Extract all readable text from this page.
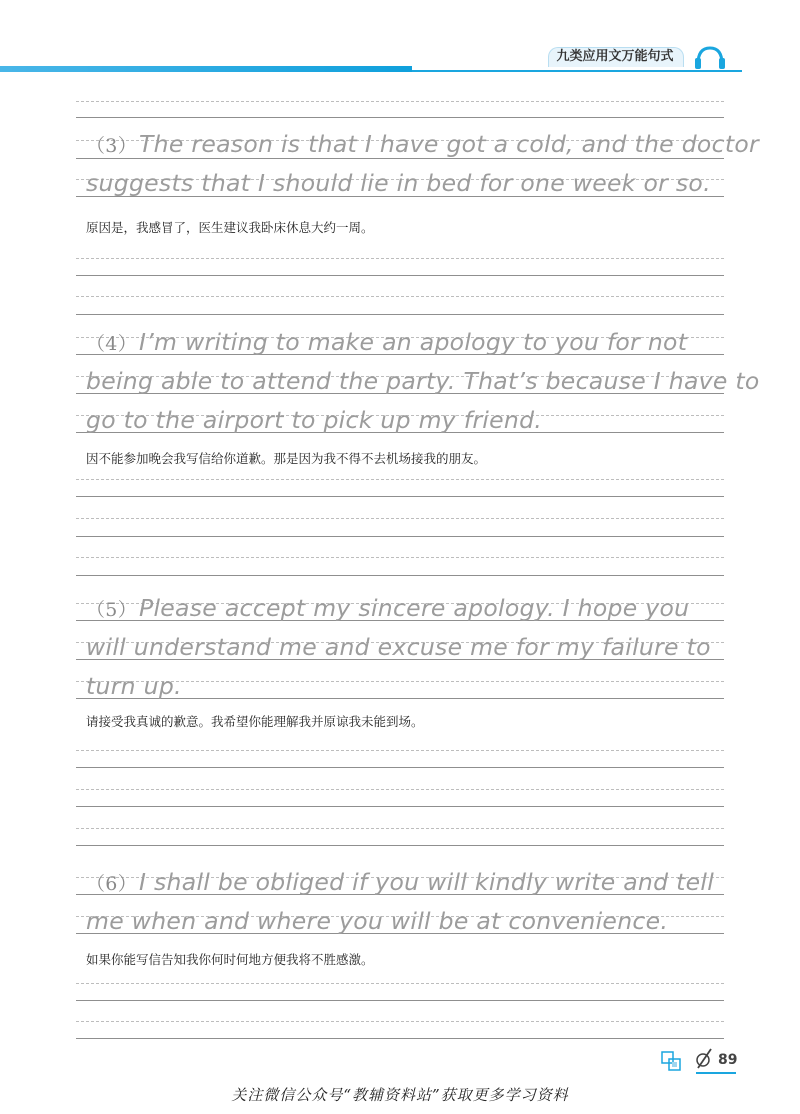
九类应用文万能句式
（3）The reason is that I have got a cold, and the doctor
suggests that I should lie in bed for one week or so.
原因是，我感冒了，医生建议我卧床休息大约一周。
（4）I’m writing to make an apology to you for not
being able to attend the party. That’s because I have to
go to the airport to pick up my friend.
因不能参加晚会我写信给你道歉。那是因为我不得不去机场接我的朋友。
（5）Please accept my sincere apology. I hope you
will understand me and excuse me for my failure to
turn up.
请接受我真诚的歉意。我希望你能理解我并原谅我未能到场。
（6）I shall be obliged if you will kindly write and tell
me when and where you will be at convenience.
如果你能写信告知我你何时何地方便我将不胜感激。
89
关注微信公众号“教辅资料站”获取更多学习资料
